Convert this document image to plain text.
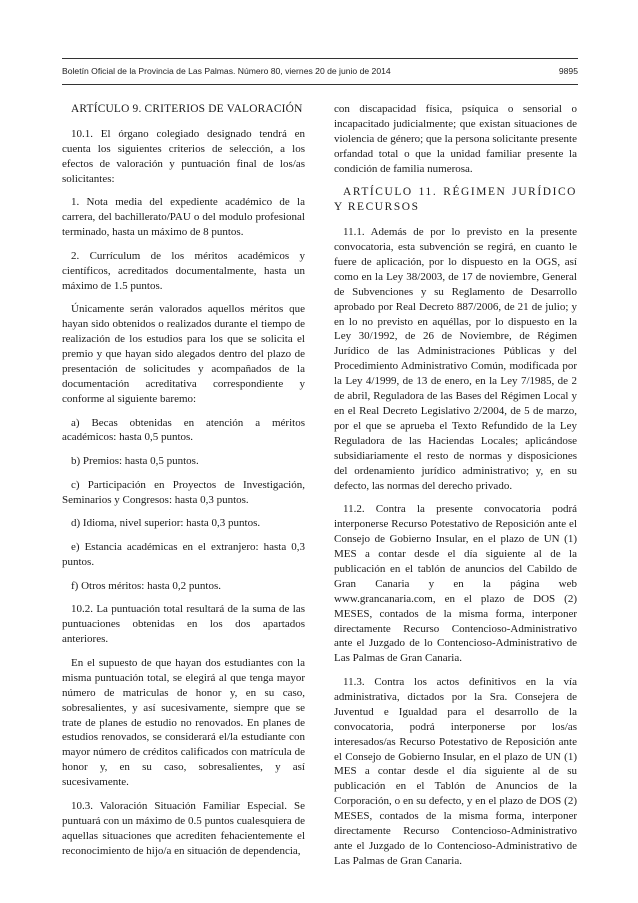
Boletín Oficial de la Provincia de Las Palmas. Número 80, viernes 20 de junio de 2014	9895

ARTÍCULO 9. CRITERIOS DE VALORACIÓN

10.1. El órgano colegiado designado tendrá en cuenta los siguientes criterios de selección, a los efectos de valoración y puntuación final de los/as solicitantes:

1. Nota media del expediente académico de la carrera, del bachillerato/PAU o del modulo profesional terminado, hasta un máximo de 8 puntos.

2. Currículum de los méritos académicos y científicos, acreditados documentalmente, hasta un máximo de 1.5 puntos.

Únicamente serán valorados aquellos méritos que hayan sido obtenidos o realizados durante el tiempo de realización de los estudios para los que se solicita el premio y que hayan sido alegados dentro del plazo de presentación de solicitudes y acompañados de la documentación acreditativa correspondiente y conforme al siguiente baremo:

a) Becas obtenidas en atención a méritos académicos: hasta 0,5 puntos.

b) Premios: hasta 0,5 puntos.

c) Participación en Proyectos de Investigación, Seminarios y Congresos: hasta 0,3 puntos.

d) Idioma, nivel superior: hasta 0,3 puntos.

e) Estancia académicas en el extranjero: hasta 0,3 puntos.

f) Otros méritos: hasta 0,2 puntos.

10.2. La puntuación total resultará de la suma de las puntuaciones obtenidas en los dos apartados anteriores.

En el supuesto de que hayan dos estudiantes con la misma puntuación total, se elegirá al que tenga mayor número de matriculas de honor y, en su caso, sobresalientes, y así sucesivamente, siempre que se trate de planes de estudio no renovados. En planes de estudios renovados, se considerará el/la estudiante con mayor número de créditos calificados con matrícula de honor y, en su caso, sobresalientes, y así sucesivamente.

10.3. Valoración Situación Familiar Especial. Se puntuará con un máximo de 0.5 puntos cualesquiera de aquellas situaciones que acrediten fehacientemente el reconocimiento de hijo/a en situación de dependencia,

con discapacidad física, psíquica o sensorial o incapacitado judicialmente; que existan situaciones de violencia de género; que la persona solicitante presente orfandad total o que la unidad familiar presente la condición de familia numerosa.

ARTÍCULO 11. RÉGIMEN JURÍDICO Y RECURSOS

11.1. Además de por lo previsto en la presente convocatoria, esta subvención se regirá, en cuanto le fuere de aplicación, por lo dispuesto en la OGS, así como en la Ley 38/2003, de 17 de noviembre, General de Subvenciones y su Reglamento de Desarrollo aprobado por Real Decreto 887/2006, de 21 de julio; y en lo no previsto en aquéllas, por lo dispuesto en la Ley 30/1992, de 26 de Noviembre, de Régimen Jurídico de las Administraciones Públicas y del Procedimiento Administrativo Común, modificada por la Ley 4/1999, de 13 de enero, en la Ley 7/1985, de 2 de abril, Reguladora de las Bases del Régimen Local y en el Real Decreto Legislativo 2/2004, de 5 de marzo, por el que se aprueba el Texto Refundido de la Ley Reguladora de las Haciendas Locales; aplicándose subsidiariamente el resto de normas y disposiciones del ordenamiento jurídico administrativo; y, en su defecto, las normas del derecho privado.

11.2. Contra la presente convocatoria podrá interponerse Recurso Potestativo de Reposición ante el Consejo de Gobierno Insular, en el plazo de UN (1) MES a contar desde el día siguiente al de la publicación en el tablón de anuncios del Cabildo de Gran Canaria y en la página web www.grancanaria.com, en el plazo de DOS (2) MESES, contados de la misma forma, interponer directamente Recurso Contencioso-Administrativo ante el Juzgado de lo Contencioso-Administrativo de Las Palmas de Gran Canaria.

11.3. Contra los actos definitivos en la vía administrativa, dictados por la Sra. Consejera de Juventud e Igualdad para el desarrollo de la convocatoria, podrá interponerse por los/as interesados/as Recurso Potestativo de Reposición ante el Consejo de Gobierno Insular, en el plazo de UN (1) MES a contar desde el día siguiente al de su publicación en el Tablón de Anuncios de la Corporación, o en su defecto, y en el plazo de DOS (2) MESES, contados de la misma forma, interponer directamente Recurso Contencioso-Administrativo ante el Juzgado de lo Contencioso-Administrativo de Las Palmas de Gran Canaria.
